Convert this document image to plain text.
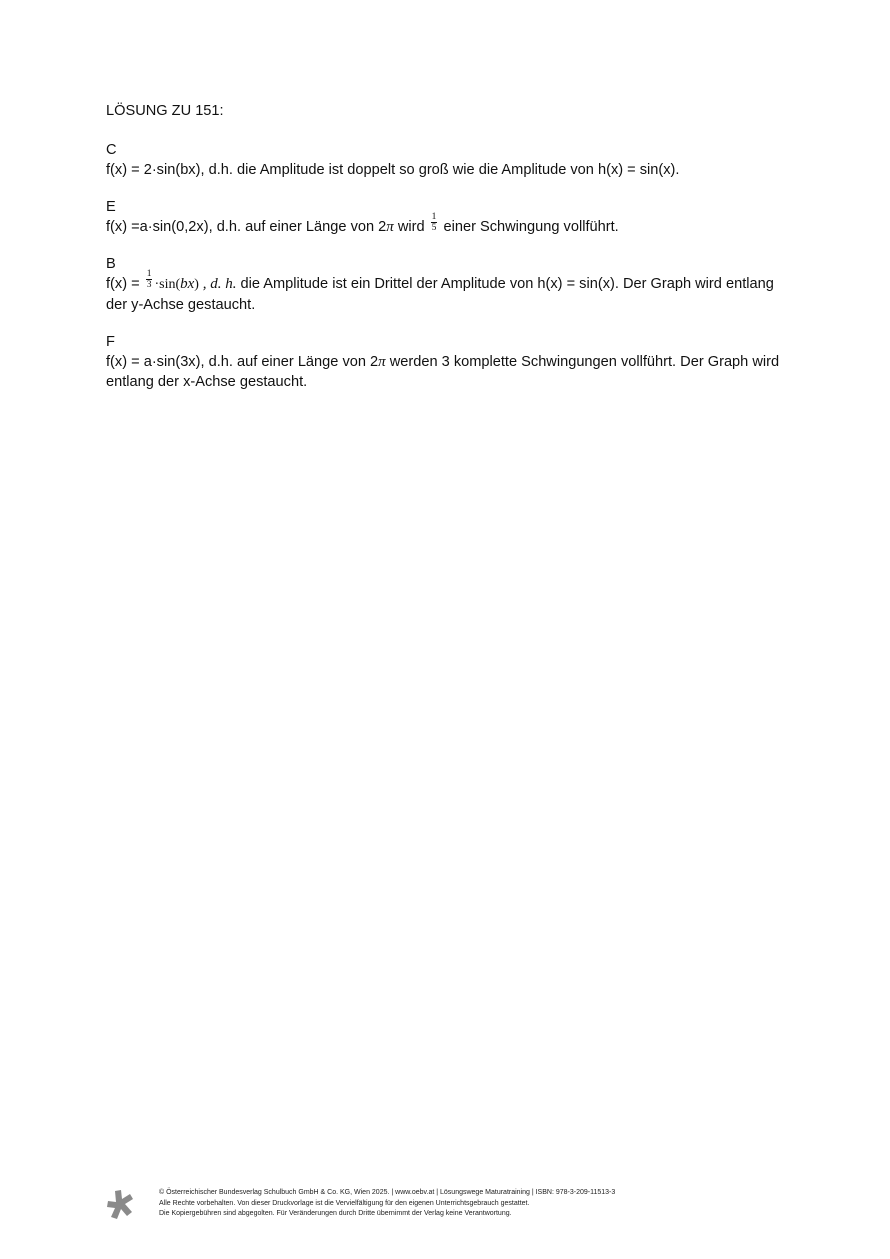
LÖSUNG ZU 151:
C
f(x) = 2·sin(bx), d.h. die Amplitude ist doppelt so groß wie die Amplitude von h(x) = sin(x).
E
f(x) =a·sin(0,2x), d.h. auf einer Länge von 2π wird $\frac{1}{5}$ einer Schwingung vollführt.
B
$f(x) = \frac{1}{3} \cdot\sin(bx)$ , d. h. die Amplitude ist ein Drittel der Amplitude von h(x) = sin(x). Der Graph wird entlang
der y-Achse gestaucht.
F
f(x) = a·sin(3x), d.h. auf einer Länge von 2π werden 3 komplette Schwingungen vollführt. Der Graph wird
entlang der x-Achse gestaucht.
© Österreichischer Bundesverlag Schulbuch GmbH & Co. KG, Wien 2025. | www.oebv.at | Lösungswege Maturatraining | ISBN: 978-3-209-11513-3
Alle Rechte vorbehalten. Von dieser Druckvorlage ist die Vervielfältigung für den eigenen Unterrichtsgebrauch gestattet.
Die Kopiergebühren sind abgegolten. Für Veränderungen durch Dritte übernimmt der Verlag keine Verantwortung.
